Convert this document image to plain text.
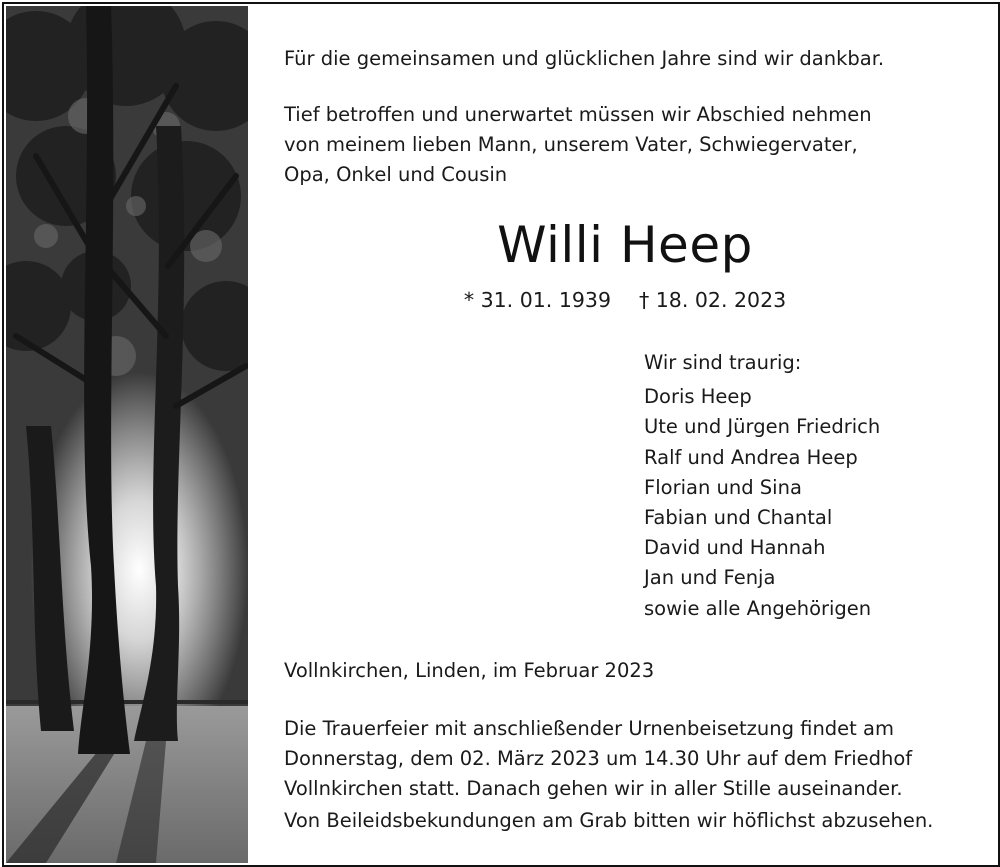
Für die gemeinsamen und glücklichen Jahre sind wir dankbar.
Tief betroffen und unerwartet müssen wir Abschied nehmen
von meinem lieben Mann, unserem Vater, Schwiegervater,
Opa, Onkel und Cousin
Willi Heep
* 31. 01. 1939 † 18. 02. 2023
Wir sind traurig:
Doris Heep
Ute und Jürgen Friedrich
Ralf und Andrea Heep
Florian und Sina
Fabian und Chantal
David und Hannah
Jan und Fenja
sowie alle Angehörigen
Vollnkirchen, Linden, im Februar 2023
Die Trauerfeier mit anschließender Urnenbeisetzung findet am
Donnerstag, dem 02. März 2023 um 14.30 Uhr auf dem Friedhof
Vollnkirchen statt. Danach gehen wir in aller Stille auseinander.
Von Beileidsbekundungen am Grab bitten wir höflichst abzusehen.
